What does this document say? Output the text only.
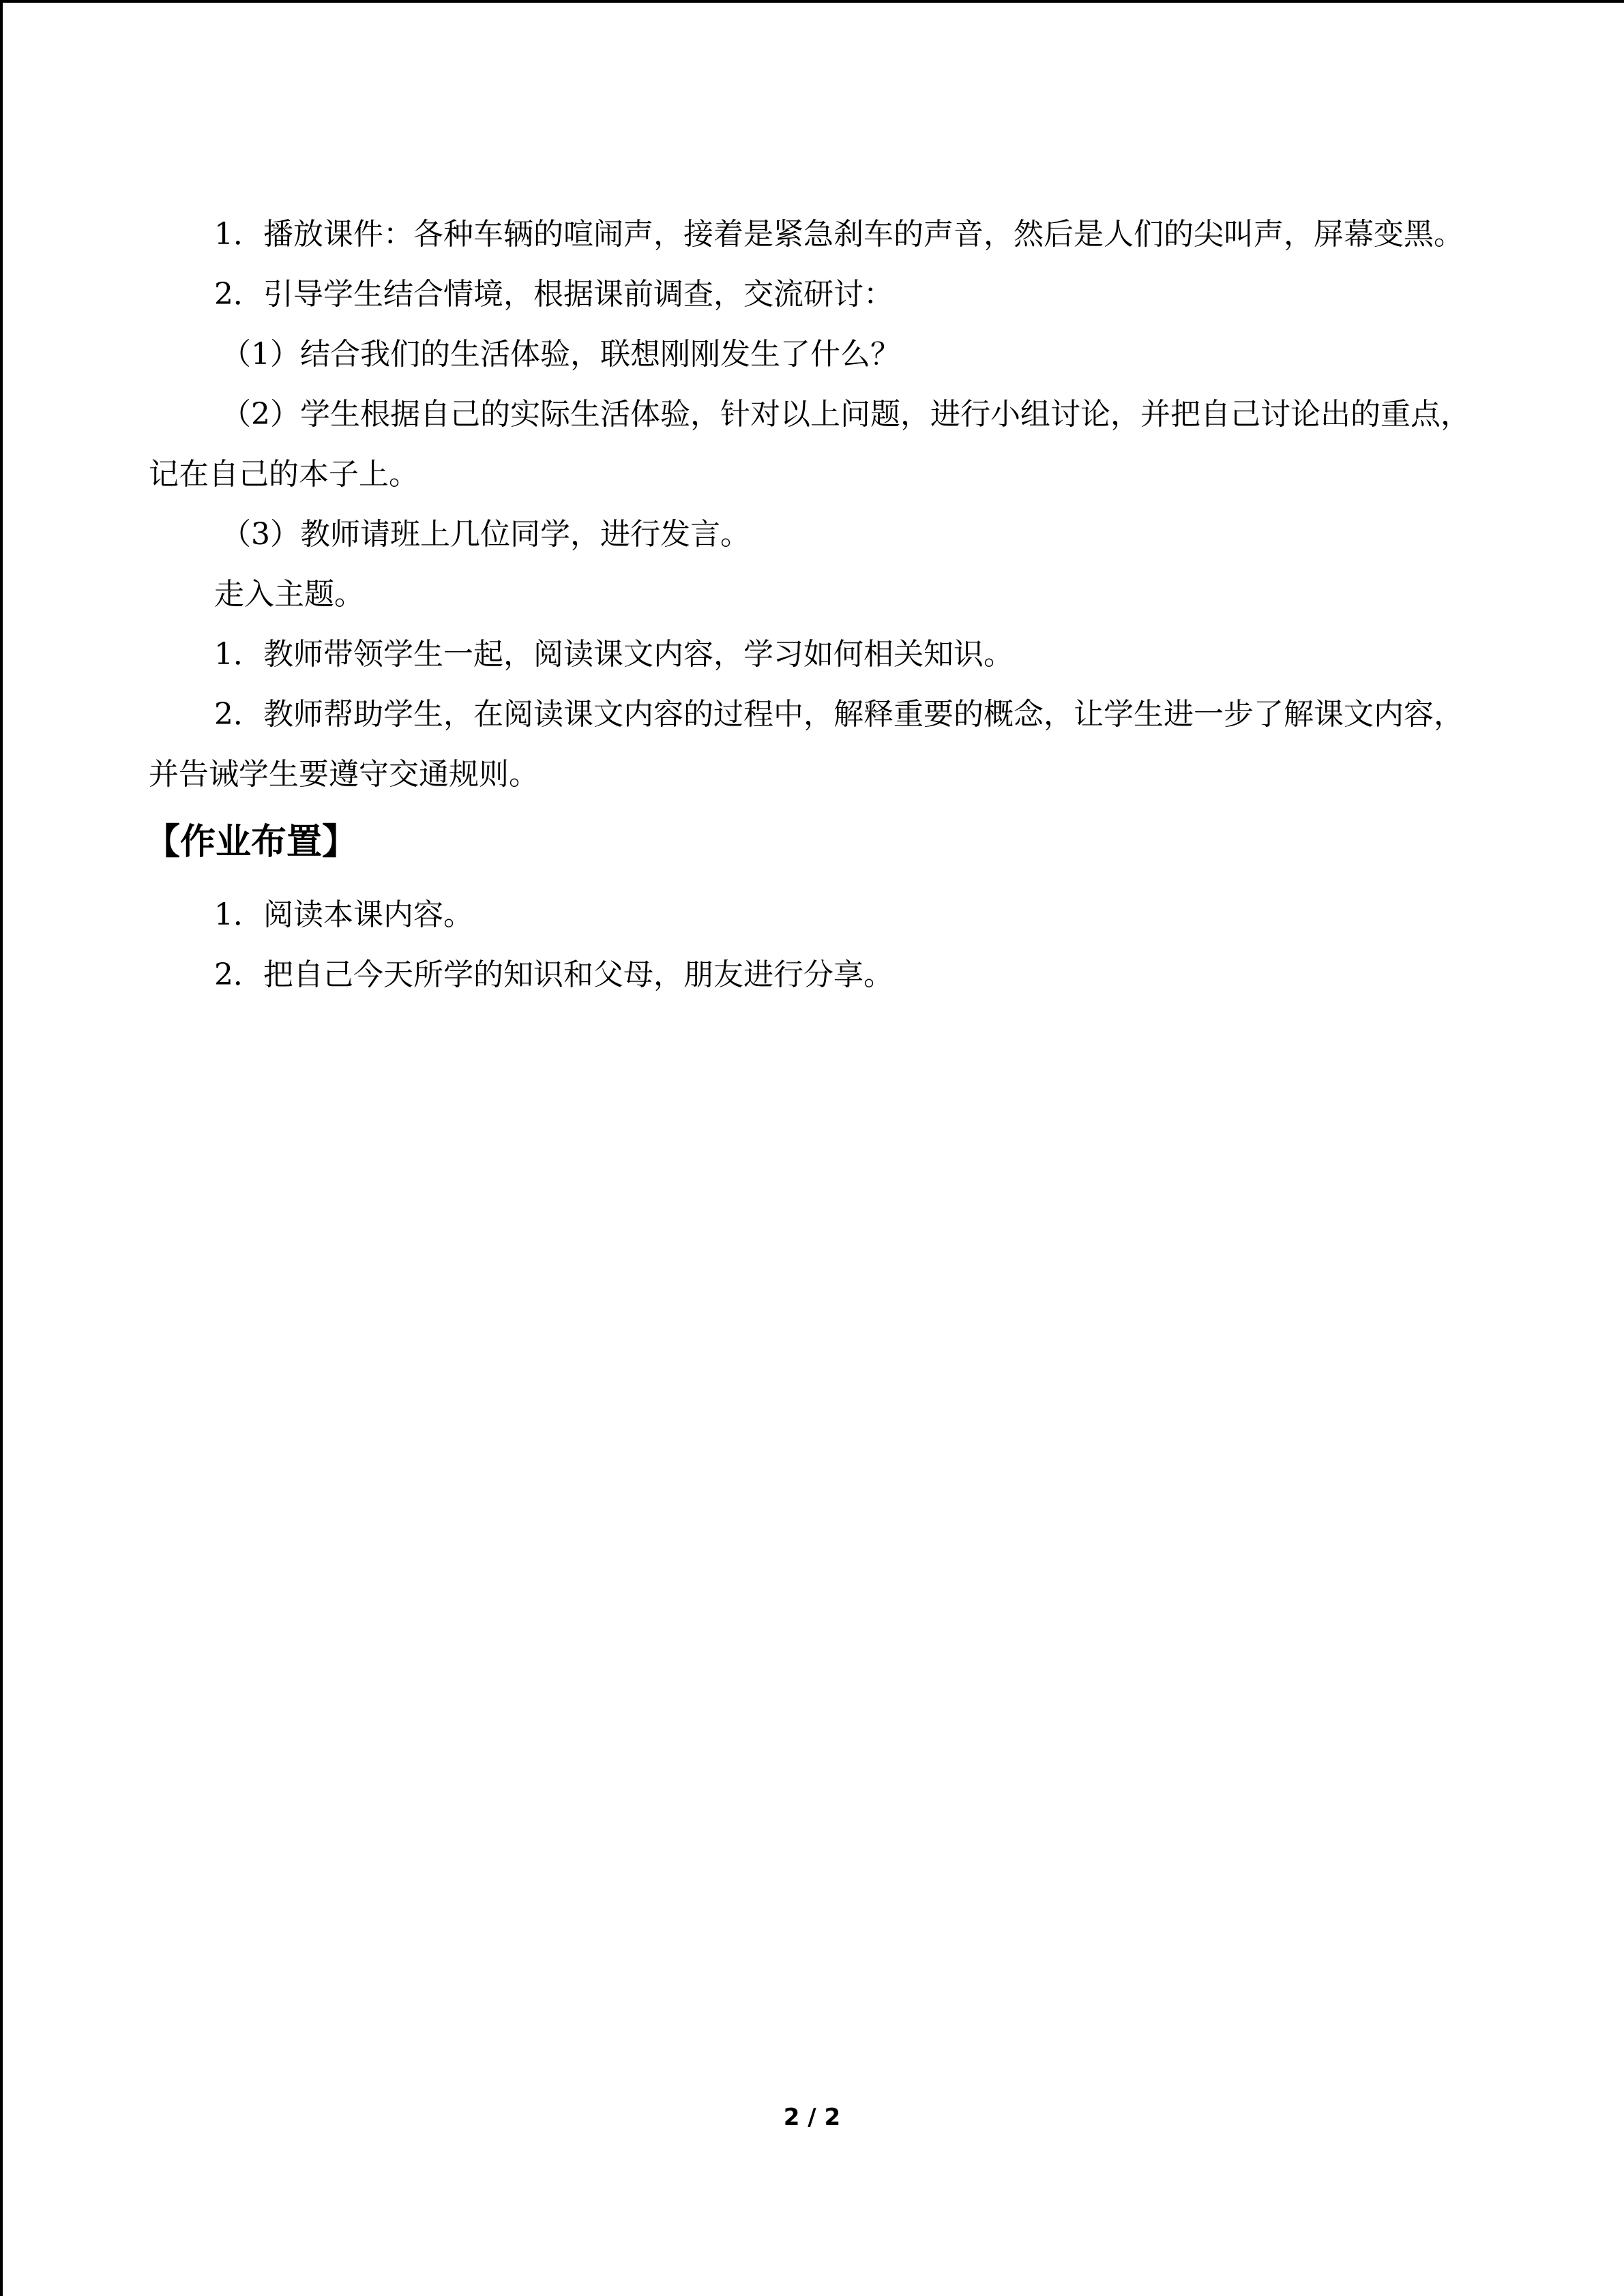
1．播放课件：各种车辆的喧闹声，接着是紧急刹车的声音，然后是人们的尖叫声，屏幕变黑。

2．引导学生结合情境，根据课前调查，交流研讨：

（1）结合我们的生活体验，联想刚刚发生了什么？

（2）学生根据自己的实际生活体验，针对以上问题，进行小组讨论，并把自己讨论出的重点，记在自己的本子上。

（3）教师请班上几位同学，进行发言。

走入主题。

1．教师带领学生一起，阅读课文内容，学习如何相关知识。

2．教师帮助学生，在阅读课文内容的过程中，解释重要的概念，让学生进一步了解课文内容，并告诫学生要遵守交通规则。

【作业布置】

1．阅读本课内容。

2．把自己今天所学的知识和父母，朋友进行分享。

2 / 2
